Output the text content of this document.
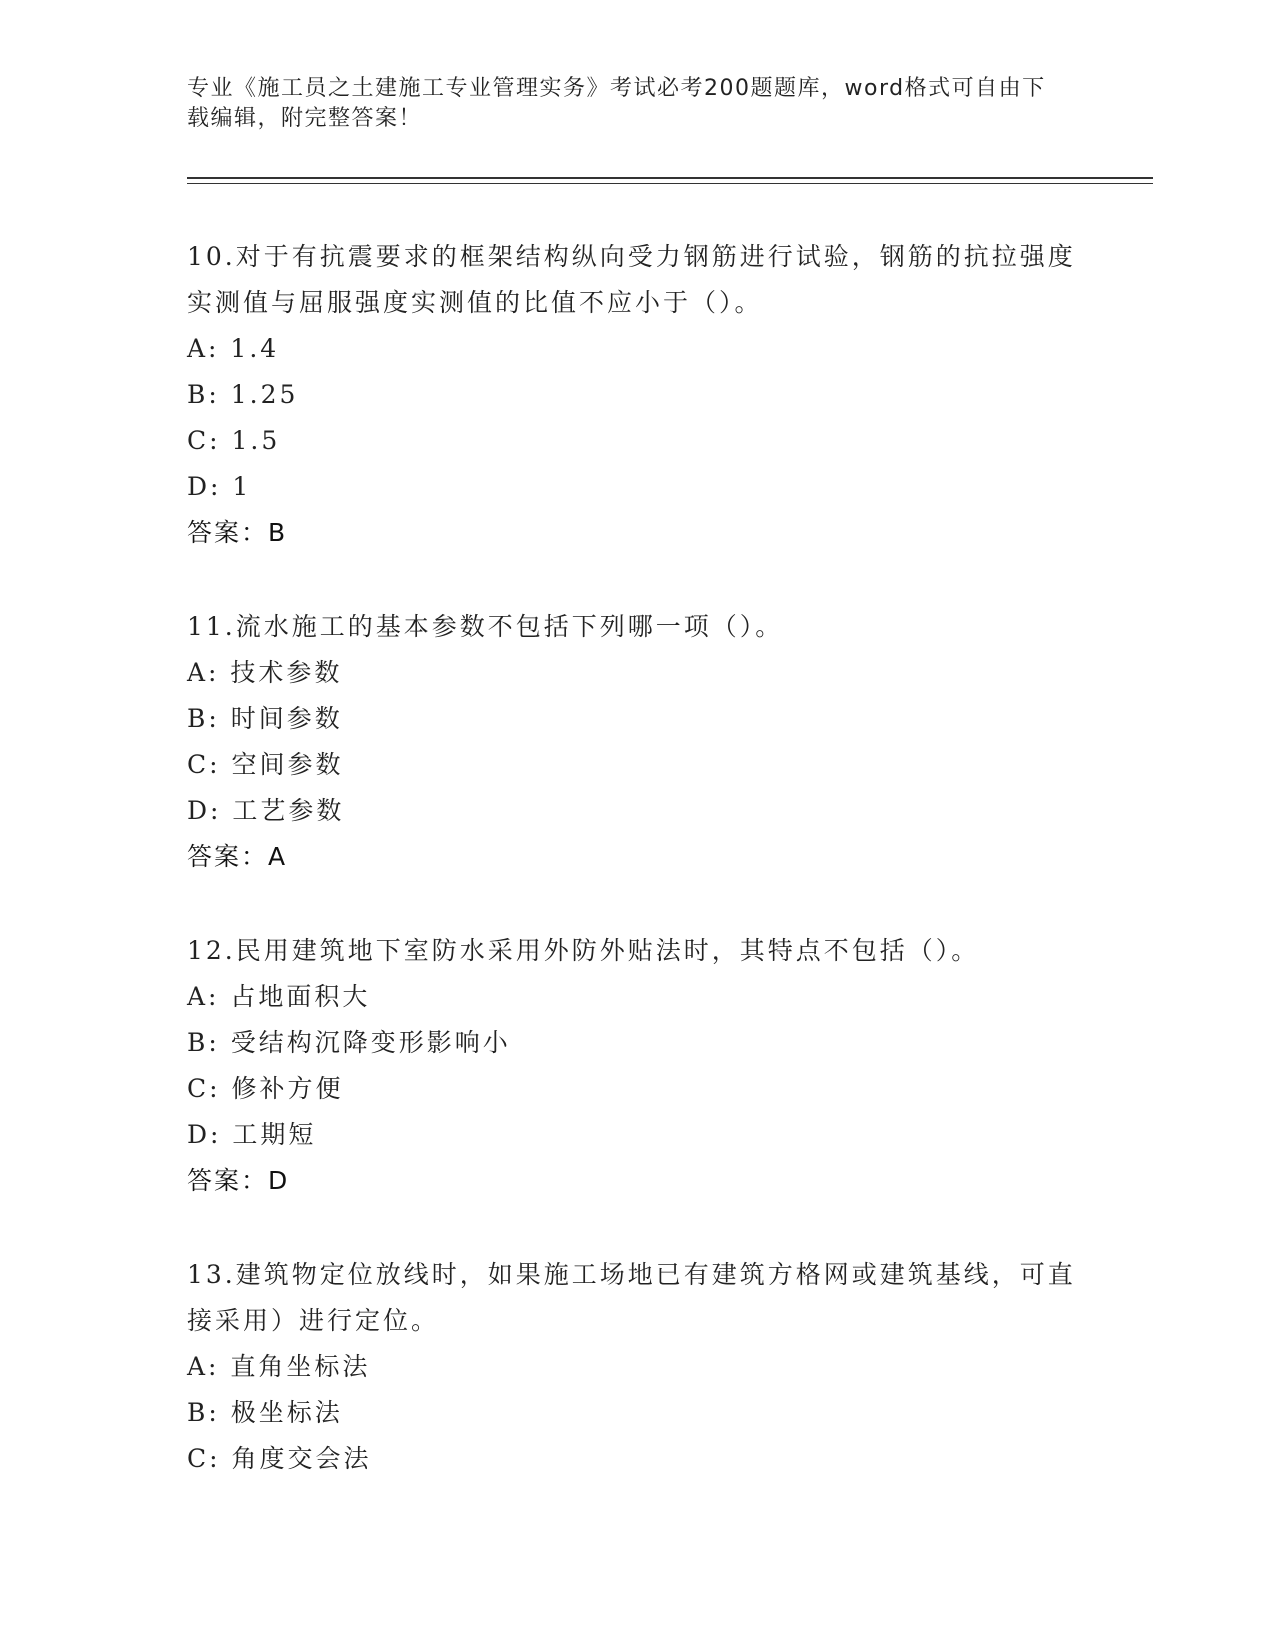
专业《施工员之土建施工专业管理实务》考试必考200题题库，word格式可自由下载编辑，附完整答案！

10.对于有抗震要求的框架结构纵向受力钢筋进行试验，钢筋的抗拉强度实测值与屈服强度实测值的比值不应小于（）。

A: 1.4
B: 1.25
C: 1.5
D: 1
答案：B

11.流水施工的基本参数不包括下列哪一项（）。

A: 技术参数
B: 时间参数
C: 空间参数
D: 工艺参数
答案：A

12.民用建筑地下室防水采用外防外贴法时，其特点不包括（）。

A: 占地面积大
B: 受结构沉降变形影响小
C: 修补方便
D: 工期短
答案：D

13.建筑物定位放线时，如果施工场地已有建筑方格网或建筑基线，可直接采用）进行定位。

A: 直角坐标法
B: 极坐标法
C: 角度交会法
